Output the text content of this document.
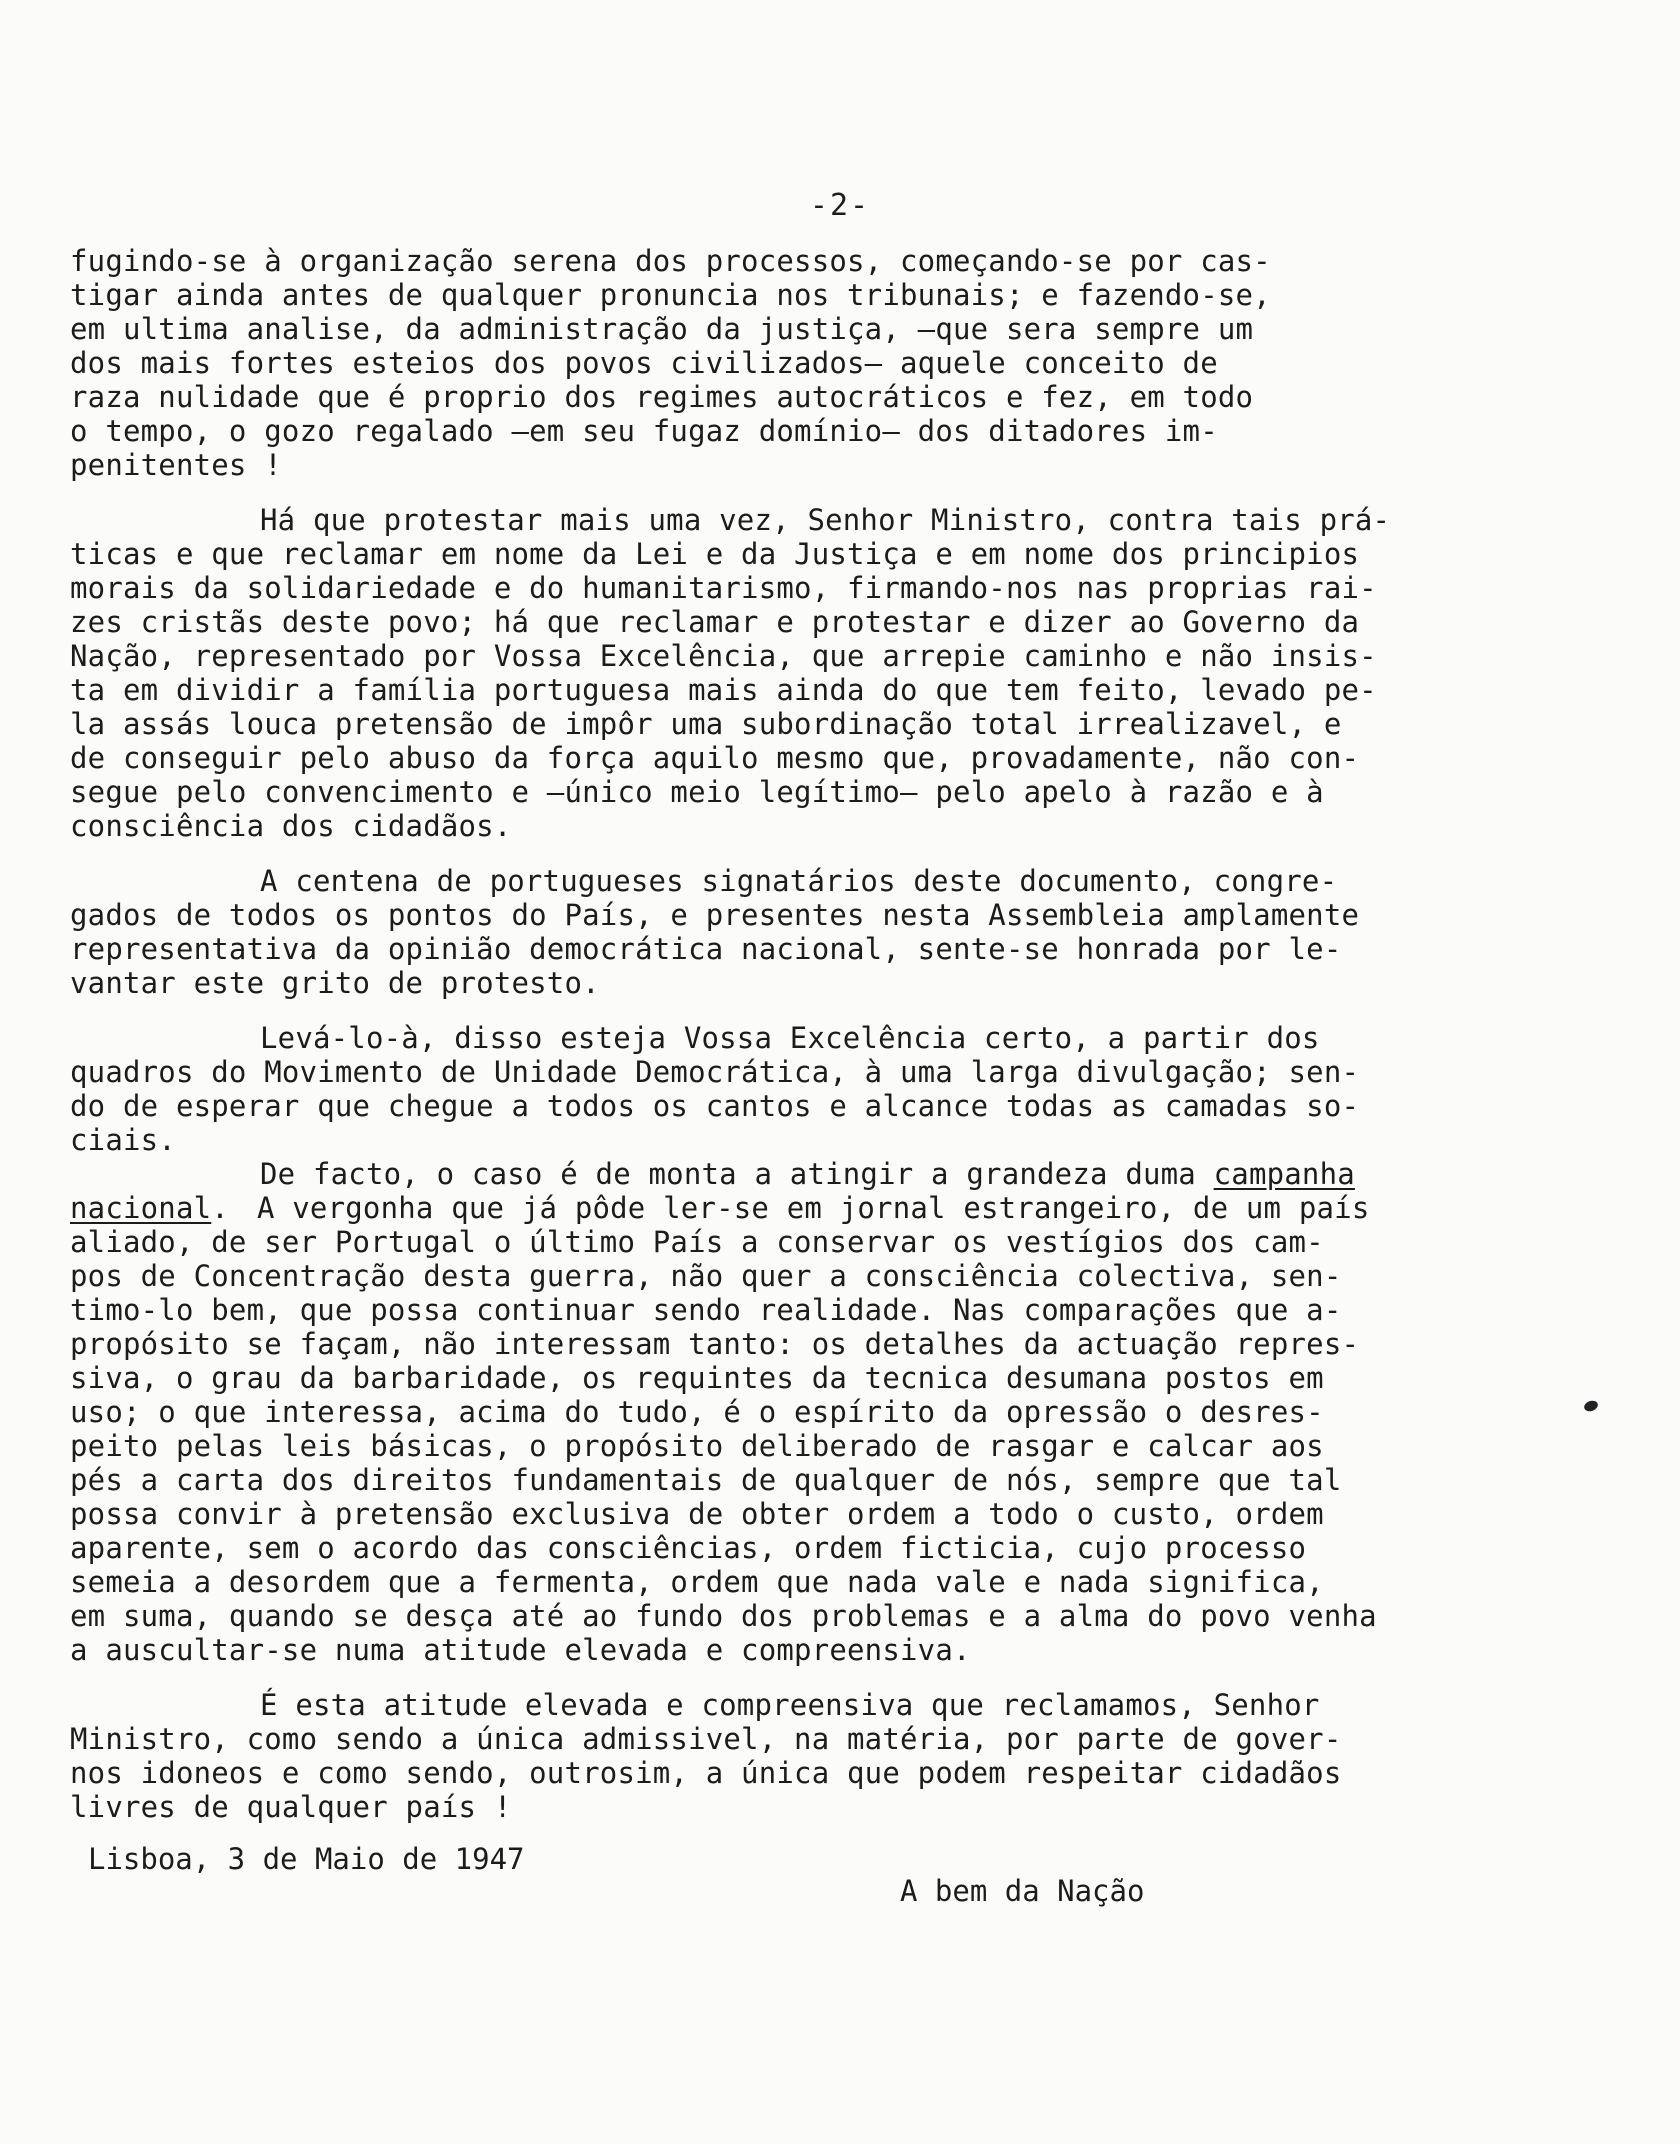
-2-
fugindo-se à organização serena dos processos, começando-se por cas-
tigar ainda antes de qualquer pronuncia nos tribunais; e fazendo-se,
em ultima analise, da administração da justiça, —que sera sempre um
dos mais fortes esteios dos povos civilizados— aquele conceito de
raza nulidade que é proprio dos regimes autocráticos e fez, em todo
o tempo, o gozo regalado —em seu fugaz domínio— dos ditadores im-
penitentes !
Há que protestar mais uma vez, Senhor Ministro, contra tais prá-
ticas e que reclamar em nome da Lei e da Justiça e em nome dos principios
morais da solidariedade e do humanitarismo, firmando-nos nas proprias rai-
zes cristãs deste povo; há que reclamar e protestar e dizer ao Governo da
Nação, representado por Vossa Excelência, que arrepie caminho e não insis-
ta em dividir a família portuguesa mais ainda do que tem feito, levado pe-
la assás louca pretensão de impôr uma subordinação total irrealizavel, e
de conseguir pelo abuso da força aquilo mesmo que, provadamente, não con-
segue pelo convencimento e —único meio legítimo— pelo apelo à razão e à
consciência dos cidadãos.
A centena de portugueses signatários deste documento, congre-
gados de todos os pontos do País, e presentes nesta Assembleia amplamente
representativa da opinião democrática nacional, sente-se honrada por le-
vantar este grito de protesto.
Levá-lo-à, disso esteja Vossa Excelência certo, a partir dos
quadros do Movimento de Unidade Democrática, à uma larga divulgação; sen-
do de esperar que chegue a todos os cantos e alcance todas as camadas so-
ciais.
De facto, o caso é de monta a atingir a grandeza duma campanha
nacional. A vergonha que já pôde ler-se em jornal estrangeiro, de um país
aliado, de ser Portugal o último País a conservar os vestígios dos cam-
pos de Concentração desta guerra, não quer a consciência colectiva, sen-
timo-lo bem, que possa continuar sendo realidade. Nas comparações que a-
propósito se façam, não interessam tanto: os detalhes da actuação repres-
siva, o grau da barbaridade, os requintes da tecnica desumana postos em
uso; o que interessa, acima do tudo, é o espírito da opressão o desres-
peito pelas leis básicas, o propósito deliberado de rasgar e calcar aos
pés a carta dos direitos fundamentais de qualquer de nós, sempre que tal
possa convir à pretensão exclusiva de obter ordem a todo o custo, ordem
aparente, sem o acordo das consciências, ordem ficticia, cujo processo
semeia a desordem que a fermenta, ordem que nada vale e nada significa,
em suma, quando se desça até ao fundo dos problemas e a alma do povo venha
a auscultar-se numa atitude elevada e compreensiva.
É esta atitude elevada e compreensiva que reclamamos, Senhor
Ministro, como sendo a única admissivel, na matéria, por parte de gover-
nos idoneos e como sendo, outrosim, a única que podem respeitar cidadãos
livres de qualquer país !
Lisboa, 3 de Maio de 1947
A bem da Nação
